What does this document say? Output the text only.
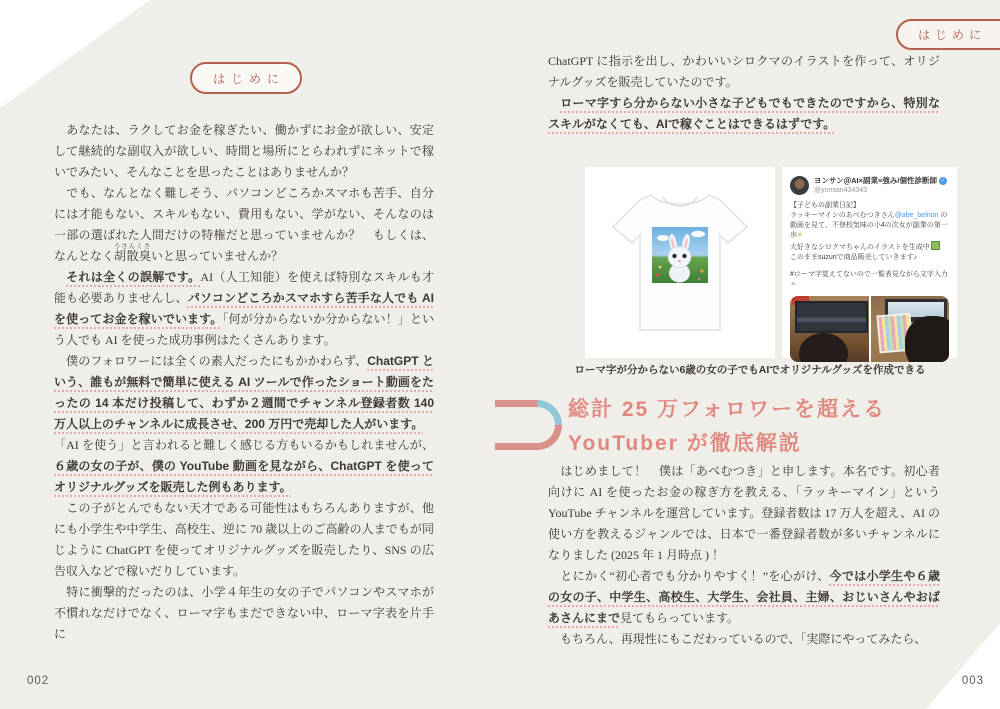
はじめに

　あなたは、ラクしてお金を稼ぎたい、働かずにお金が欲しい、安定して継続的な副収入が欲しい、時間と場所にとらわれずにネットで稼いでみたい、そんなことを思ったことはありませんか？

　でも、なんとなく難しそう、パソコンどころかスマホも苦手、自分には才能もない、スキルもない、費用もない、学がない、そんなのは一部の選ばれた人間だけの特権だと思っていませんか？　もしくは、なんとなく胡散臭うさんくさいと思っていませんか？

　それは全くの誤解です。AI（人工知能）を使えば特別なスキルも才能も必要ありませんし、パソコンどころかスマホすら苦手な人でも AI を使ってお金を稼いでいます。「何が分からないか分からない！」という人でも AI を使った成功事例はたくさんあります。

　僕のフォロワーには全くの素人だったにもかかわらず、ChatGPT という、誰もが無料で簡単に使える AI ツールで作ったショート動画をたったの 14 本だけ投稿して、わずか２週間でチャンネル登録者数 140 万人以上のチャンネルに成長させ、200 万円で売却した人がいます。

「AI を使う」と言われると難しく感じる方もいるかもしれませんが、６歳の女の子が、僕の YouTube 動画を見ながら、ChatGPT を使ってオリジナルグッズを販売した例もあります。

　この子がとんでもない天才である可能性はもちろんありますが、他にも小学生や中学生、高校生、逆に 70 歳以上のご高齢の人までもが同じように ChatGPT を使ってオリジナルグッズを販売したり、SNS の広告収入などで稼いだりしています。

　特に衝撃的だったのは、小学４年生の女の子でパソコンやスマホが不慣れなだけでなく、ローマ字もまだできない中、ローマ字表を片手に

002
はじめに

ChatGPT に指示を出し、かわいいシロクマのイラストを作って、オリジナルグッズを販売していたのです。

　ローマ字すら分からない小さな子どもでもできたのですから、特別なスキルがなくても、AIで稼ぐことはできるはずです。

ヨンサン＠AI×副業×強み/個性診断師 ✓
@yonsan434343
【子どもの副業日記】
ラッキーマインのあべむつきさん@abe_belnon の動画を見て、不登校気味の小4の次女が副業の第一歩✦
大好きなシロクマちゃんのイラストを生成中
このままsuzuriで商品販売していきます♪
#ローマ字覚えてないので一覧表見ながら文字入力≡
ローマ字が分からない6歳の女の子でもAIでオリジナルグッズを作成できる
総計 25 万フォロワーを超える
YouTuber が徹底解説

　はじめまして！　僕は「あべむつき」と申します。本名です。初心者向けに AI を使ったお金の稼ぎ方を教える、「ラッキーマイン」という YouTube チャンネルを運営しています。登録者数は 17 万人を超え、AI の使い方を教えるジャンルでは、日本で一番登録者数が多いチャンネルになりました (2025 年 1 月時点 ) ！

　とにかく“初心者でも分かりやすく！”を心がけ、今では小学生や６歳の女の子、中学生、高校生、大学生、会社員、主婦、おじいさんやおばあさんにまで見てもらっています。

　もちろん、再現性にもこだわっているので、「実際にやってみたら、

003
